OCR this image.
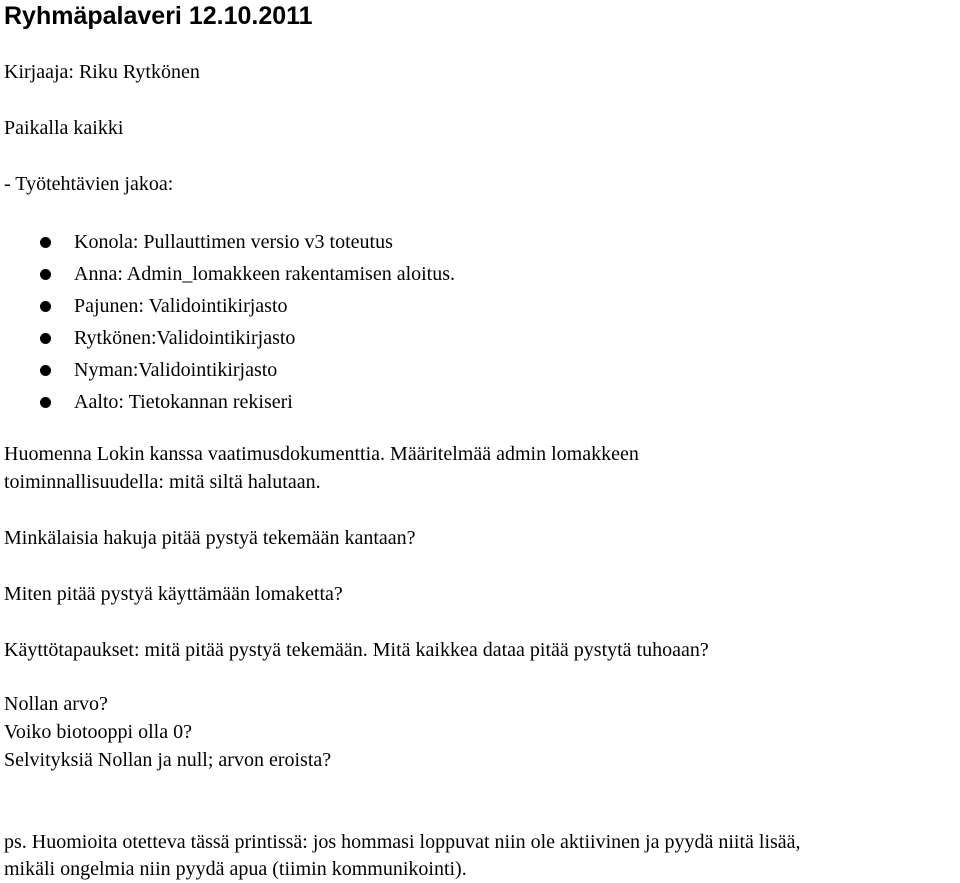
Ryhmäpalaveri 12.10.2011
Kirjaaja: Riku Rytkönen
Paikalla kaikki
- Työtehtävien jakoa:
Konola: Pullauttimen versio v3 toteutus
Anna: Admin_lomakkeen rakentamisen aloitus.
Pajunen: Validointikirjasto
Rytkönen:Validointikirjasto
Nyman:Validointikirjasto
Aalto: Tietokannan rekiseri
Huomenna Lokin kanssa vaatimusdokumenttia. Määritelmää admin lomakkeen
toiminnallisuudella: mitä siltä halutaan.
Minkälaisia hakuja pitää pystyä tekemään kantaan?
Miten pitää pystyä käyttämään lomaketta?
Käyttötapaukset: mitä pitää pystyä tekemään. Mitä kaikkea dataa pitää pystytä tuhoaan?
Nollan arvo?
Voiko biotooppi olla 0?
Selvityksiä Nollan ja null; arvon eroista?
ps. Huomioita otetteva tässä printissä: jos hommasi loppuvat niin ole aktiivinen ja pyydä niitä lisää,
mikäli ongelmia niin pyydä apua (tiimin kommunikointi).
